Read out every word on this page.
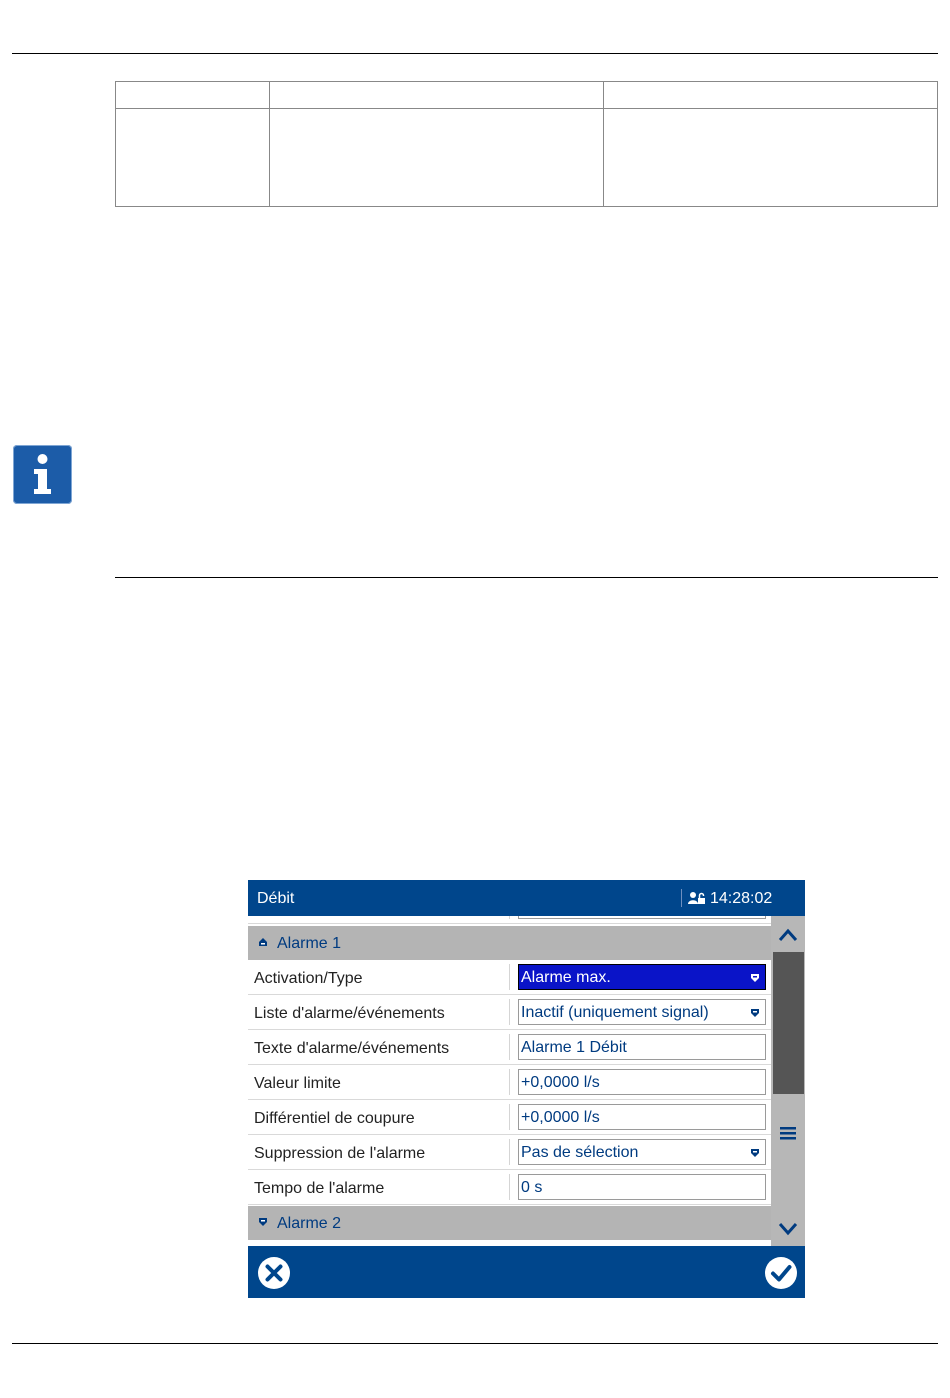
Débit	14:28:02
Alarme 1
Activation/Type	Alarme max.
Liste d'alarme/événements	Inactif (uniquement signal)
Texte d'alarme/événements	Alarme 1 Débit
Valeur limite	+0,0000 l/s
Différentiel de coupure	+0,0000 l/s
Suppression de l'alarme	Pas de sélection
Tempo de l'alarme	0 s
Alarme 2
